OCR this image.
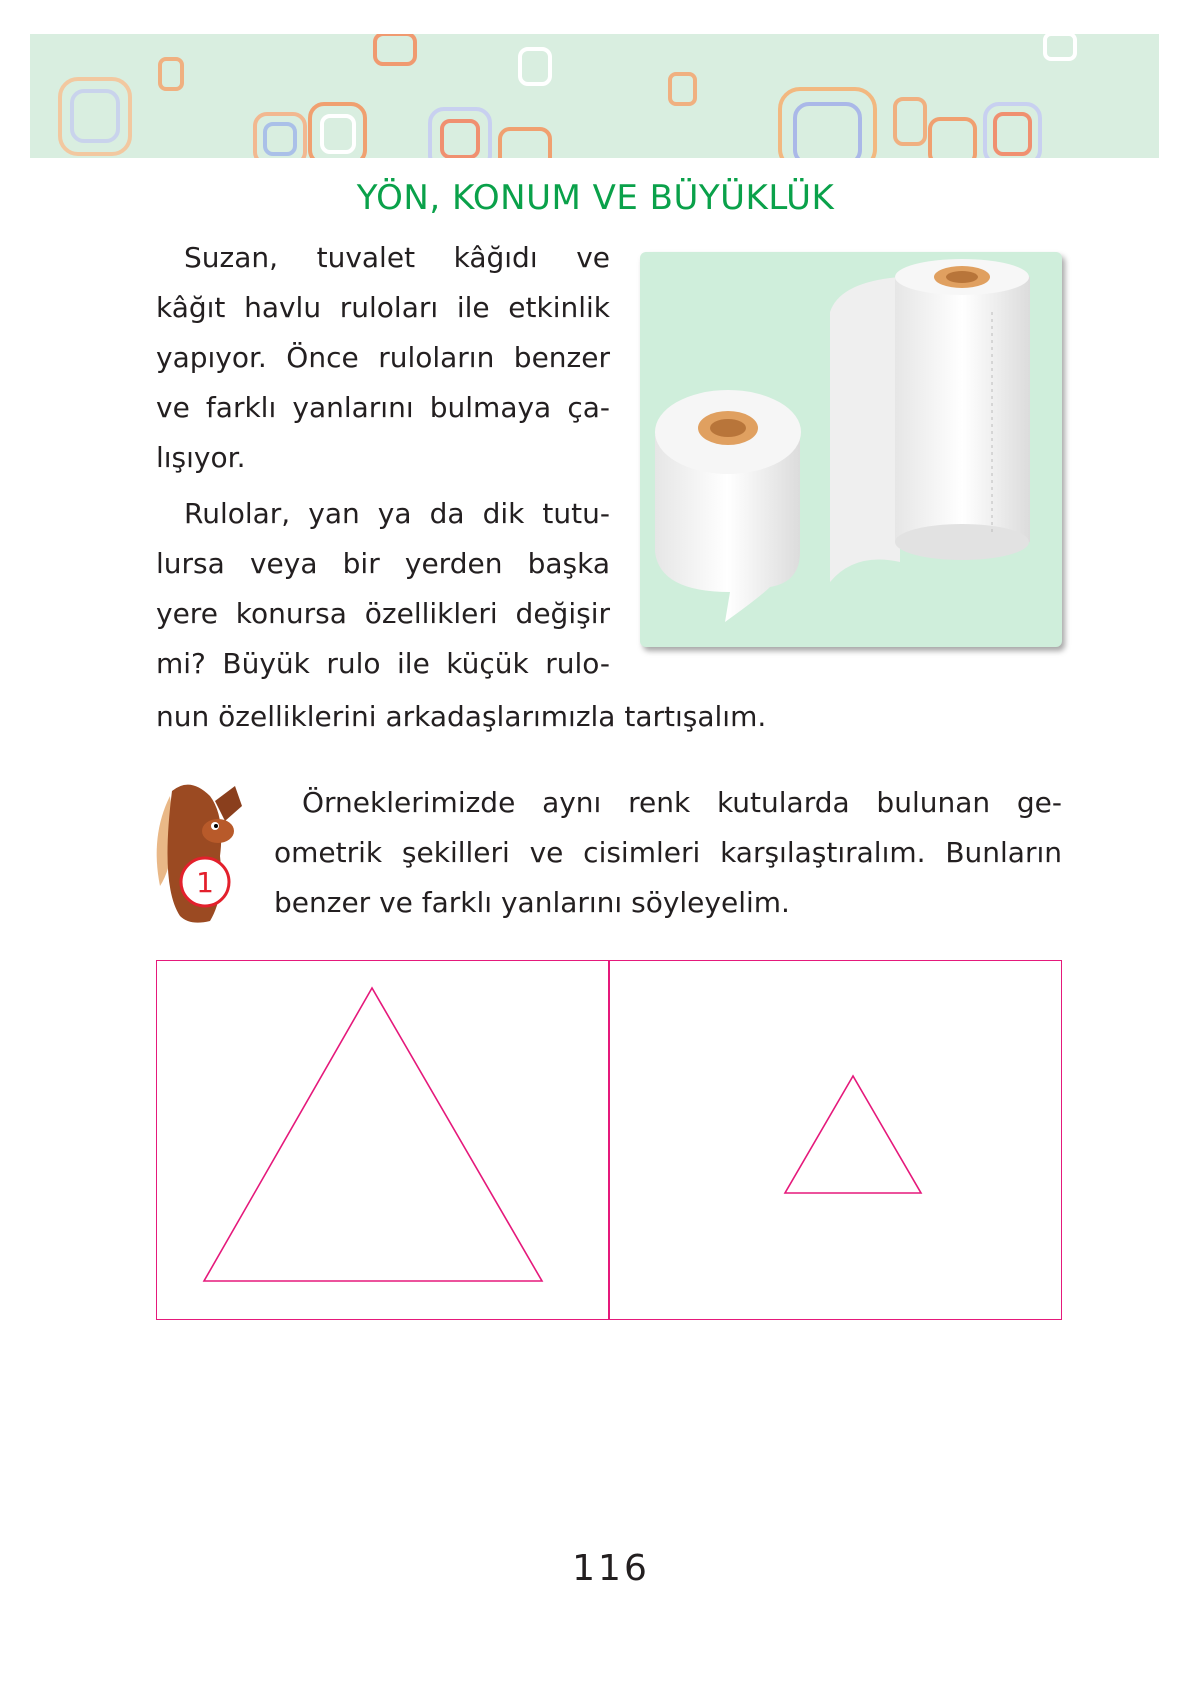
YÖN, KONUM VE BÜYÜKLÜK
Suzan, tuvalet kâğıdı ve
kâğıt havlu ruloları ile etkinlik
yapıyor. Önce ruloların benzer
ve farklı yanlarını bulmaya ça-
lışıyor.
Rulolar, yan ya da dik tutu-
lursa veya bir yerden başka
yere konursa özellikleri değişir
mi? Büyük rulo ile küçük rulo-
nun özelliklerini arkadaşlarımızla tartışalım.
1
Örneklerimizde aynı renk kutularda bulunan ge-
ometrik şekilleri ve cisimleri karşılaştıralım. Bunların
benzer ve farklı yanlarını söyleyelim.
116
